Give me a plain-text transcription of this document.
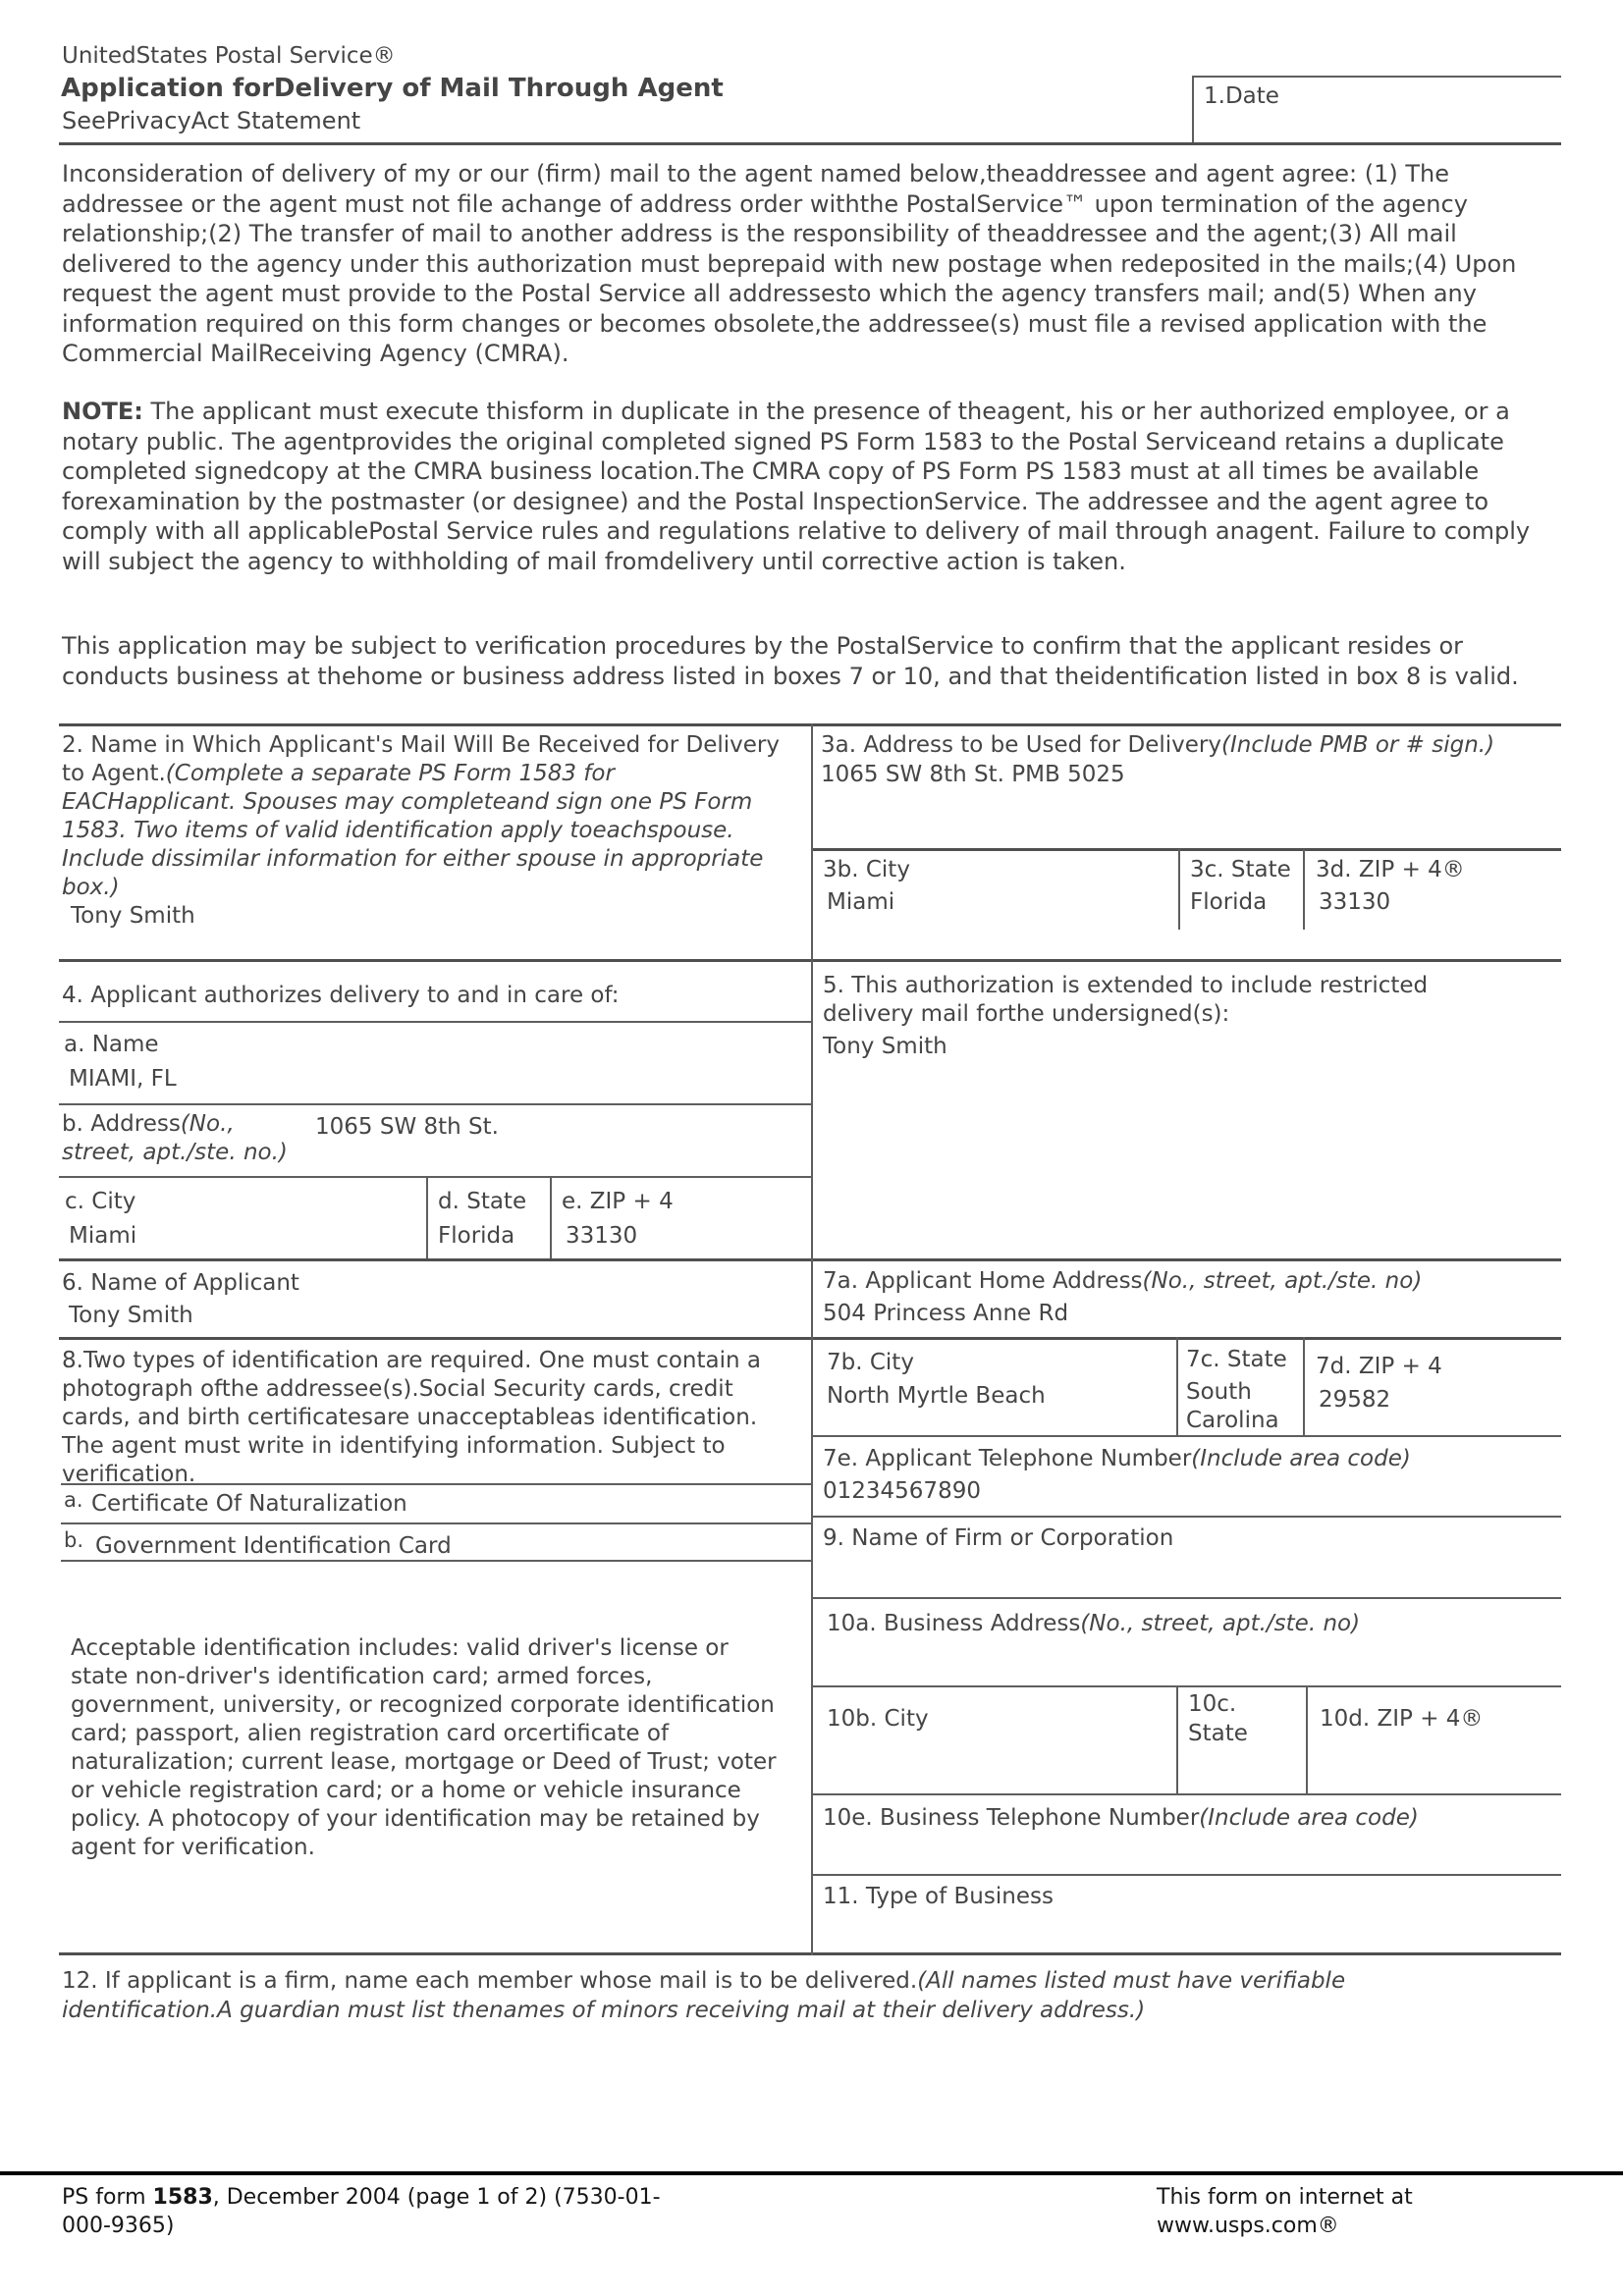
UnitedStates Postal Service®
Application forDelivery of Mail Through Agent
SeePrivacyAct Statement
1.Date
Inconsideration of delivery of my or our (firm) mail to the agent named below,theaddressee and agent agree: (1) The addressee or the agent must not file achange of address order withthe PostalService™ upon termination of the agency relationship;(2) The transfer of mail to another address is the responsibility of theaddressee and the agent;(3) All mail delivered to the agency under this authorization must beprepaid with new postage when redeposited in the mails;(4) Upon request the agent must provide to the Postal Service all addressesto which the agency transfers mail; and(5) When any information required on this form changes or becomes obsolete,the addressee(s) must file a revised application with the Commercial MailReceiving Agency (CMRA).
NOTE: The applicant must execute thisform in duplicate in the presence of theagent, his or her authorized employee, or a notary public. The agentprovides the original completed signed PS Form 1583 to the Postal Serviceand retains a duplicate completed signedcopy at the CMRA business location.The CMRA copy of PS Form PS 1583 must at all times be available forexamination by the postmaster (or designee) and the Postal InspectionService. The addressee and the agent agree to comply with all applicablePostal Service rules and regulations relative to delivery of mail through anagent. Failure to comply will subject the agency to withholding of mail fromdelivery until corrective action is taken.
This application may be subject to verification procedures by the PostalService to confirm that the applicant resides or conducts business at thehome or business address listed in boxes 7 or 10, and that theidentification listed in box 8 is valid.
2. Name in Which Applicant's Mail Will Be Received for Delivery to Agent.(Complete a separate PS Form 1583 for EACHapplicant. Spouses may completeand sign one PS Form 1583. Two items of valid identification apply toeachspouse. Include dissimilar information for either spouse in appropriate box.)
Tony Smith
3a. Address to be Used for Delivery(Include PMB or # sign.)
1065 SW 8th St. PMB 5025
3b. City
Miami
3c. State
Florida
3d. ZIP + 4®
33130
4. Applicant authorizes delivery to and in care of:
a. Name
MIAMI, FL
b. Address(No., street, apt./ste. no.)
1065 SW 8th St.
c. City
Miami
d. State
Florida
e. ZIP + 4
33130
5. This authorization is extended to include restricted delivery mail forthe undersigned(s):
Tony Smith
6. Name of Applicant
Tony Smith
7a. Applicant Home Address(No., street, apt./ste. no)
504 Princess Anne Rd
8.Two types of identification are required. One must contain a photograph ofthe addressee(s).Social Security cards, credit cards, and birth certificatesare unacceptableas identification. The agent must write in identifying information. Subject to verification.
a. Certificate Of Naturalization
b. Government Identification Card
Acceptable identification includes: valid driver's license or state non-driver's identification card; armed forces, government, university, or recognized corporate identification card; passport, alien registration card orcertificate of naturalization; current lease, mortgage or Deed of Trust; voter or vehicle registration card; or a home or vehicle insurance policy. A photocopy of your identification may be retained by agent for verification.
7b. City
North Myrtle Beach
7c. State
South Carolina
7d. ZIP + 4
29582
7e. Applicant Telephone Number(Include area code)
01234567890
9. Name of Firm or Corporation
10a. Business Address(No., street, apt./ste. no)
10b. City
10c.
State
10d. ZIP + 4®
10e. Business Telephone Number(Include area code)
11. Type of Business
12. If applicant is a firm, name each member whose mail is to be delivered.(All names listed must have verifiable identification.A guardian must list thenames of minors receiving mail at their delivery address.)
PS form 1583, December 2004 (page 1 of 2) (7530-01-
000-9365)
This form on internet at
www.usps.com®
